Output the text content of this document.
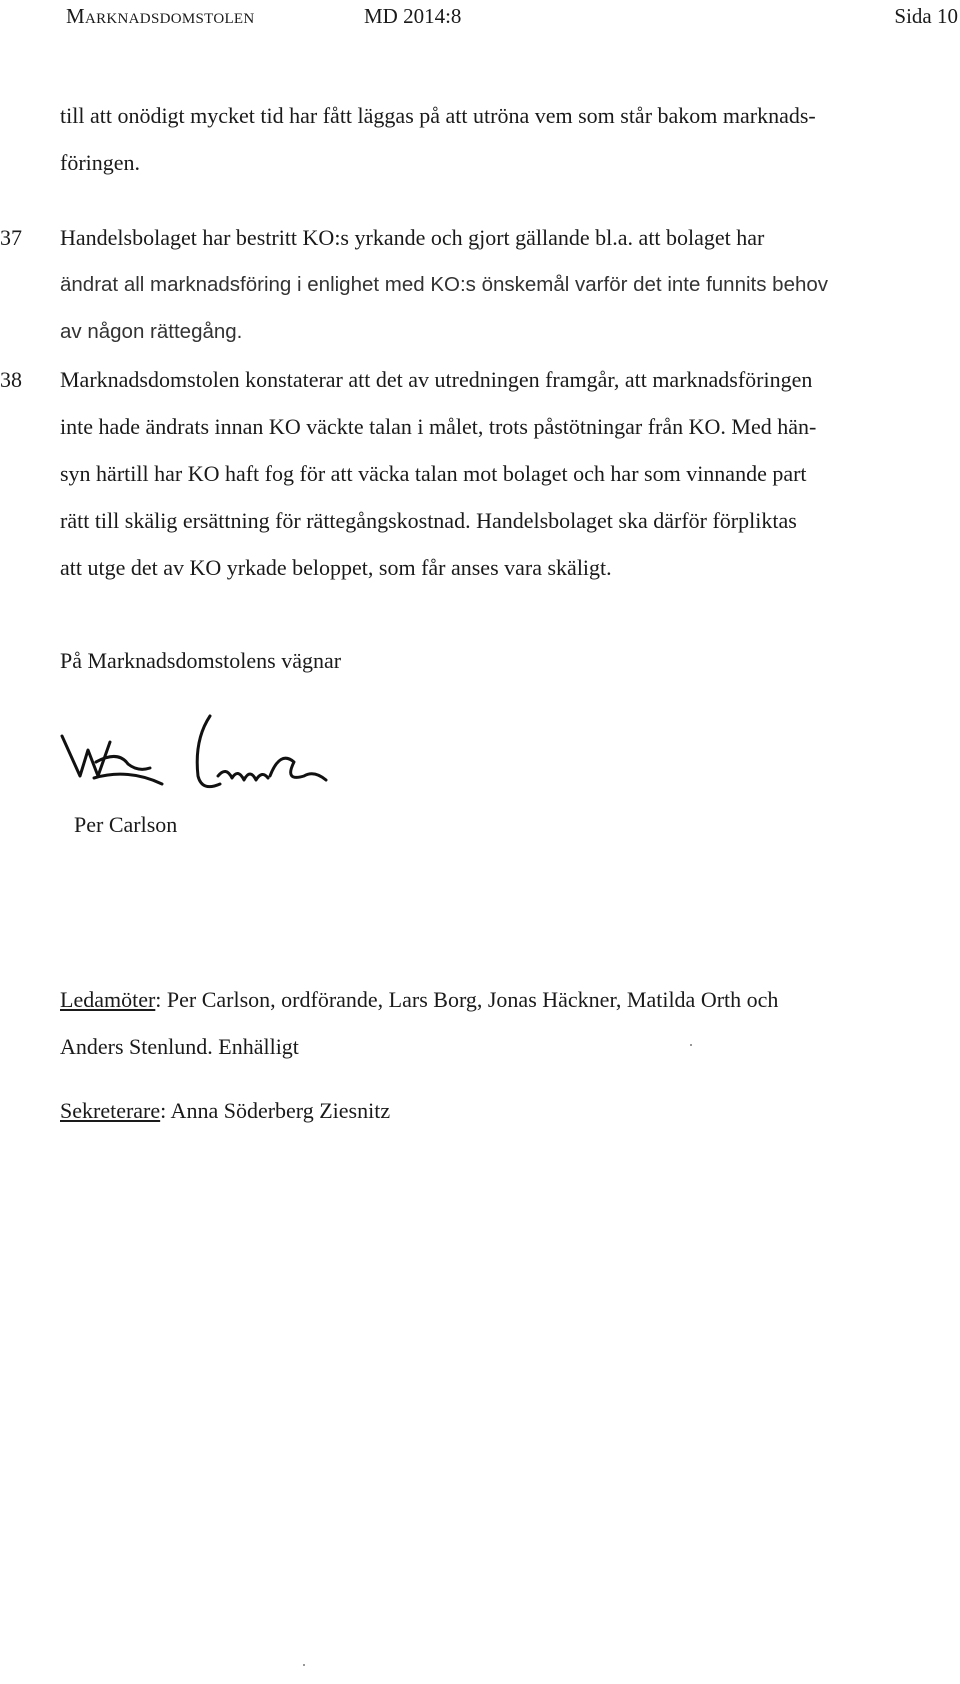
Marknadsdomstolen	MD 2014:8	Sida 10
till att onödigt mycket tid har fått läggas på att utröna vem som står bakom marknads-
föringen.
37 Handelsbolaget har bestritt KO:s yrkande och gjort gällande bl.a. att bolaget har
ändrat all marknadsföring i enlighet med KO:s önskemål varför det inte funnits behov
av någon rättegång.
38 Marknadsdomstolen konstaterar att det av utredningen framgår, att marknadsföringen
inte hade ändrats innan KO väckte talan i målet, trots påstötningar från KO. Med hän-
syn härtill har KO haft fog för att väcka talan mot bolaget och har som vinnande part
rätt till skälig ersättning för rättegångskostnad. Handelsbolaget ska därför förpliktas
att utge det av KO yrkade beloppet, som får anses vara skäligt.
På Marknadsdomstolens vägnar
Per Carlson
Ledamöter: Per Carlson, ordförande, Lars Borg, Jonas Häckner, Matilda Orth och
Anders Stenlund. Enhälligt
Sekreterare: Anna Söderberg Ziesnitz
